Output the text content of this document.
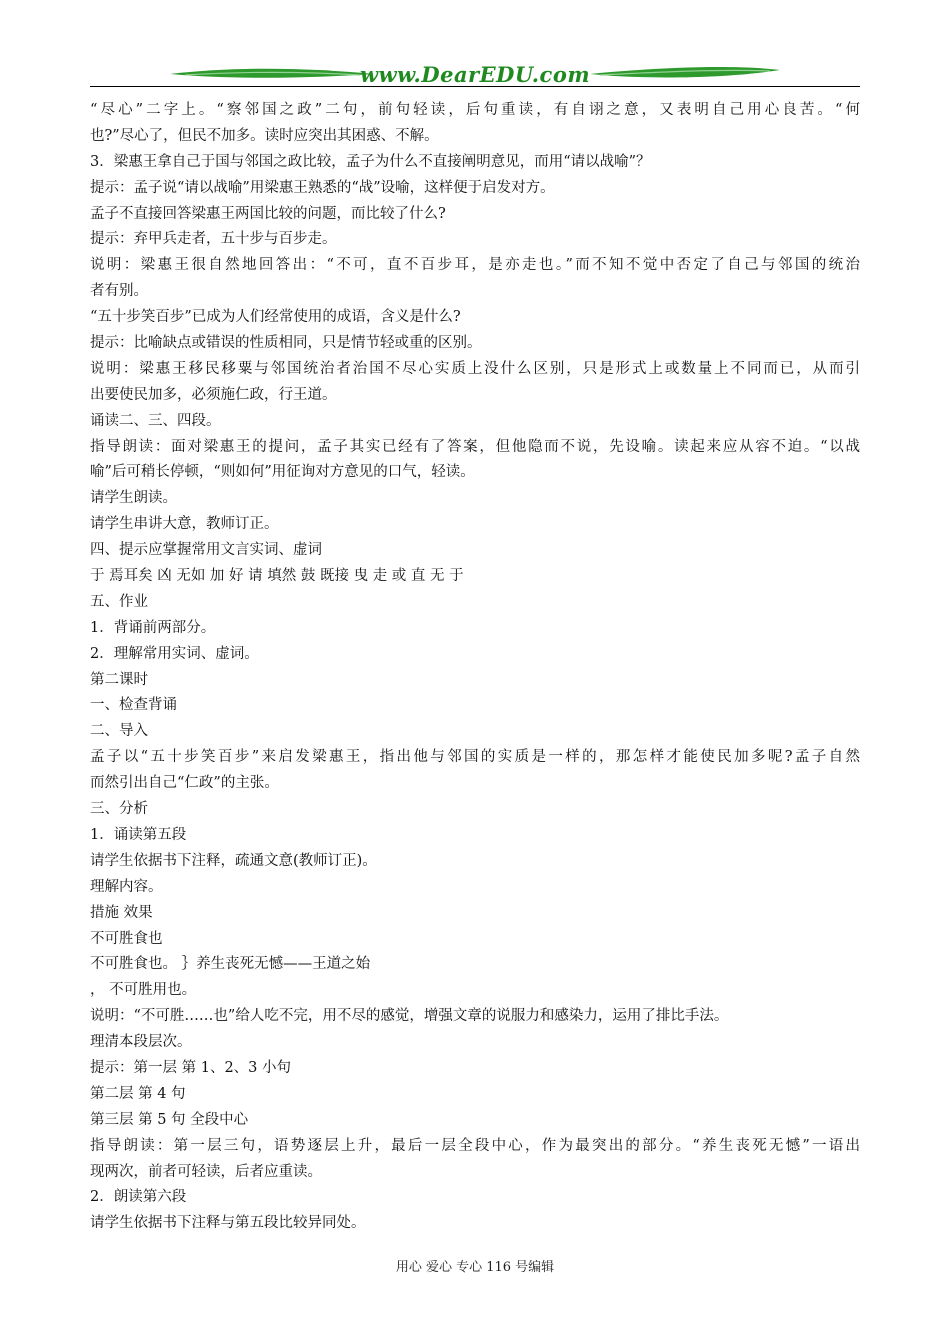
www.DearEDU.com
“尽心”二字上。“察邻国之政”二句，前句轻读，后句重读，有自诩之意，又表明自己用心良苦。“何
也?”尽心了，但民不加多。读时应突出其困惑、不解。
3．梁惠王拿自己于国与邻国之政比较，孟子为什么不直接阐明意见，而用“请以战喻”？
提示：孟子说“请以战喻”用梁惠王熟悉的“战”设喻，这样便于启发对方。
孟子不直接回答梁惠王两国比较的问题，而比较了什么?
提示：弃甲兵走者，五十步与百步走。
说明：梁惠王很自然地回答出：“不可，直不百步耳，是亦走也。”而不知不觉中否定了自己与邻国的统治
者有别。
“五十步笑百步”已成为人们经常使用的成语，含义是什么?
提示：比喻缺点或错误的性质相同，只是情节轻或重的区别。
说明：梁惠王移民移粟与邻国统治者治国不尽心实质上没什么区别，只是形式上或数量上不同而已，从而引
出要使民加多，必须施仁政，行王道。
诵读二、三、四段。
指导朗读：面对梁惠王的提问，孟子其实已经有了答案，但他隐而不说，先设喻。读起来应从容不迫。“以战
喻”后可稍长停顿，“则如何”用征询对方意见的口气，轻读。
请学生朗读。
请学生串讲大意，教师订正。
四、提示应掌握常用文言实词、虚词
于 焉耳矣 凶 无如 加 好 请 填然 鼓 既接 曳 走 或 直 无 于
五、作业
1．背诵前两部分。
2．理解常用实词、虚词。
第二课时
一、检查背诵
二、导入
孟子以“五十步笑百步”来启发梁惠王，指出他与邻国的实质是一样的，那怎样才能使民加多呢?孟子自然
而然引出自己“仁政”的主张。
三、分析
1．诵读第五段
请学生依据书下注释，疏通文意(教师订正)。
理解内容。
措施 效果
不可胜食也
不可胜食也。 ｝养生丧死无憾——王道之始
， 不可胜用也。
说明：“不可胜……也”给人吃不完，用不尽的感觉，增强文章的说服力和感染力，运用了排比手法。
理清本段层次。
提示：第一层 第 1、2、3 小句
第二层 第 4 句
第三层 第 5 句 全段中心
指导朗读：第一层三句，语势逐层上升，最后一层全段中心，作为最突出的部分。“养生丧死无憾”一语出
现两次，前者可轻读，后者应重读。
2．朗读第六段
请学生依据书下注释与第五段比较异同处。
用心 爱心 专心 116 号编辑
